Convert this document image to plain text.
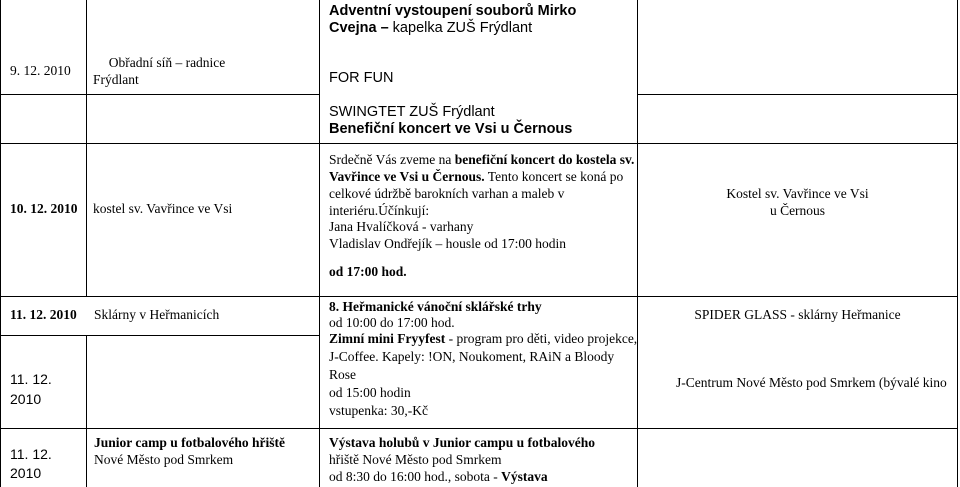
9. 12. 2010
Obřadní síň – radnice
Frýdlant
Adventní vystoupení souborů Mirko
Cvejna – kapelka ZUŠ Frýdlant
FOR FUN
SWINGTET ZUŠ Frýdlant
Benefiční koncert ve Vsi u Černous
10. 12. 2010 kostel sv. Vavřince ve Vsi
Srdečně Vás zveme na benefiční koncert do kostela sv.
Vavřince ve Vsi u Černous. Tento koncert se koná po
celkové údržbě barokních varhan a maleb v
interiéru.Účínkují:
Jana Hvalíčková - varhany
Vladislav Ondřejík – housle od 17:00 hodin
od 17:00 hod.
Kostel sv. Vavřince ve Vsi
u Černous
11. 12. 2010 Sklárny v Heřmanicích
11. 12.
2010
8. Heřmanické vánoční sklářské trhy
od 10:00 do 17:00 hod.
Zimní mini Fryyfest - program pro děti, video projekce,
J-Coffee. Kapely: !ON, Noukoment, RAiN a Bloody
Rose
od 15:00 hodin
vstupenka: 30,-Kč
SPIDER GLASS - sklárny Heřmanice
J-Centrum Nové Město pod Smrkem (bývalé kino
11. 12.
2010
Junior camp u fotbalového hřiště
Nové Město pod Smrkem
Výstava holubů v Junior campu u fotbalového
hřiště Nové Město pod Smrkem
od 8:30 do 16:00 hod., sobota - Výstava
